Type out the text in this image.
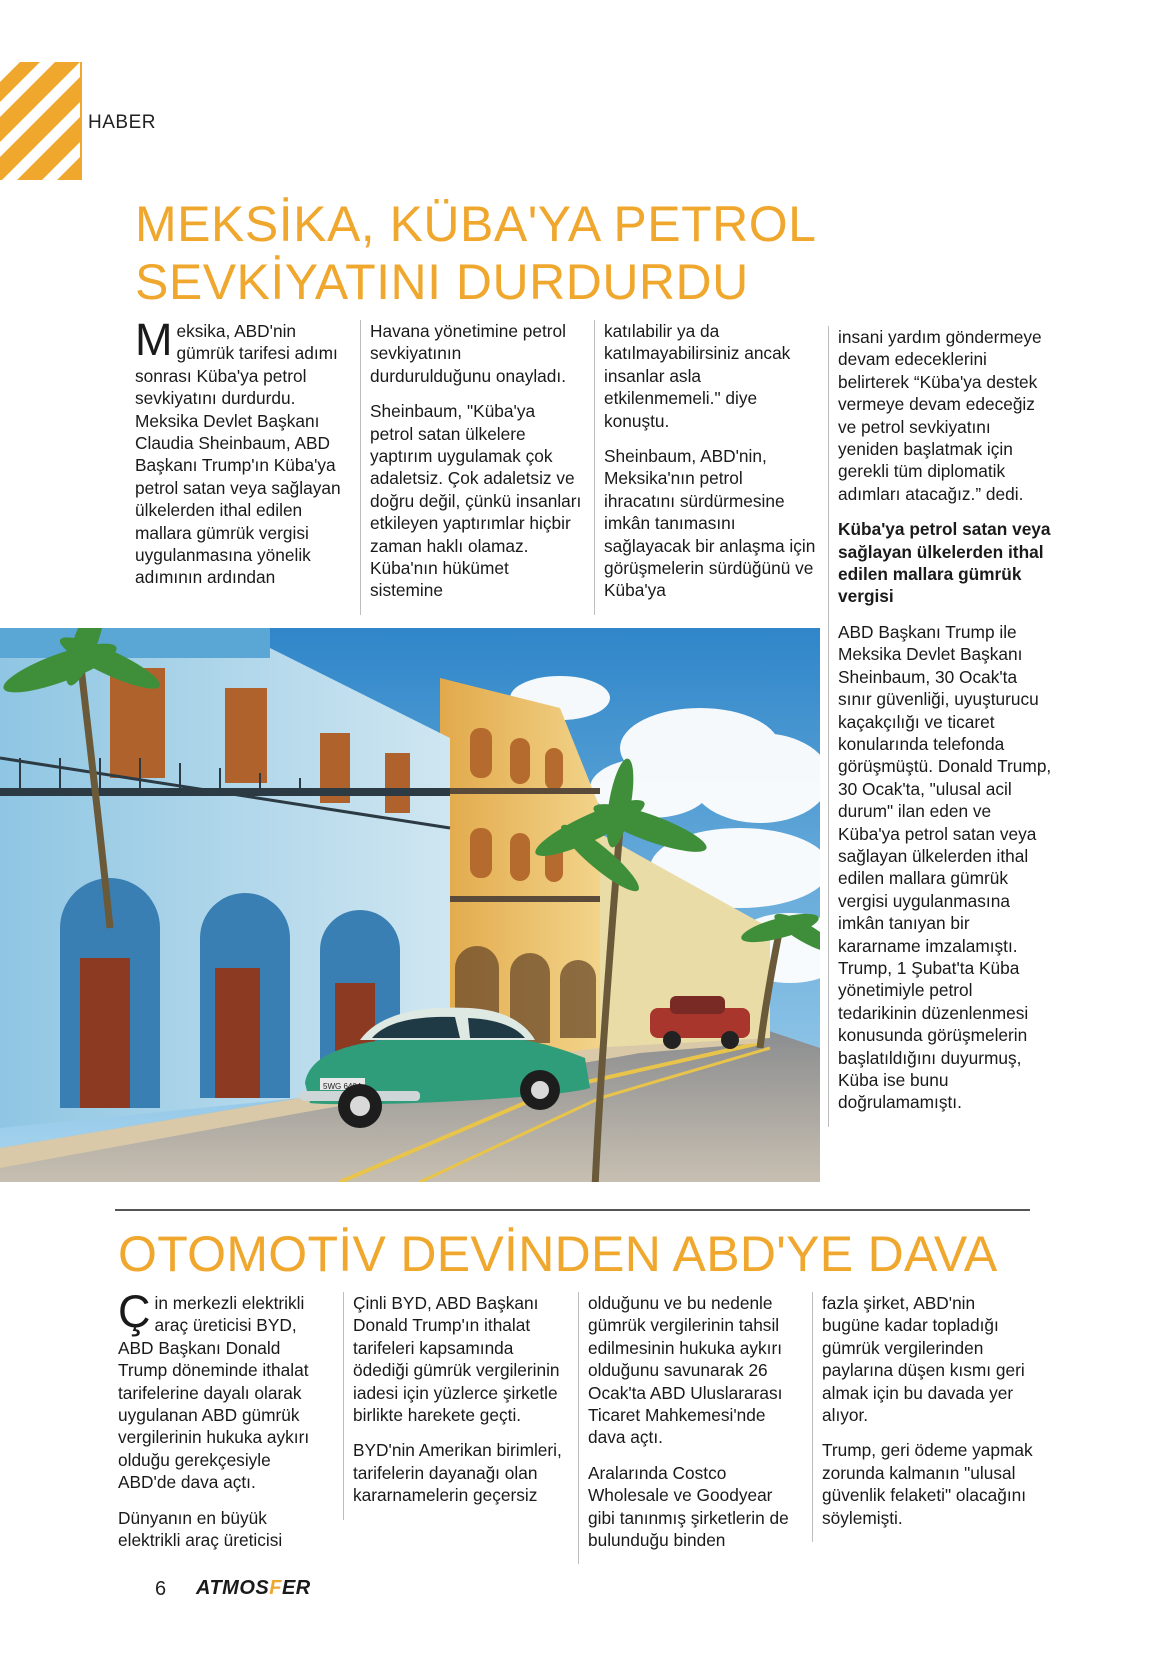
HABER
MEKSİKA, KÜBA'YA PETROL
SEVKİYATINI DURDURDU

Meksika, ABD'nin gümrük tarifesi adımı sonrası Küba'ya petrol sevkiyatını durdurdu. Meksika Devlet Başkanı Claudia Sheinbaum, ABD Başkanı Trump'ın Küba'ya petrol satan veya sağlayan ülkelerden ithal edilen mallara gümrük vergisi uygulanmasına yönelik adımının ardından

Havana yönetimine petrol sevkiyatının durdurulduğunu onayladı.

Sheinbaum, "Küba'ya petrol satan ülkelere yaptırım uygulamak çok adaletsiz. Çok adaletsiz ve doğru değil, çünkü insanları etkileyen yaptırımlar hiçbir zaman haklı olamaz. Küba'nın hükümet sistemine

katılabilir ya da katılmayabilirsiniz ancak insanlar asla etkilenmemeli." diye konuştu.

Sheinbaum, ABD'nin, Meksika'nın petrol ihracatını sürdürmesine imkân tanımasını sağlayacak bir anlaşma için görüşmelerin sürdüğünü ve Küba'ya

insani yardım göndermeye devam edeceklerini belirterek “Küba'ya destek vermeye devam edeceğiz ve petrol sevkiyatını yeniden başlatmak için gerekli tüm diplomatik adımları atacağız.” dedi.

Küba'ya petrol satan veya sağlayan ülkelerden ithal edilen mallara gümrük vergisi

ABD Başkanı Trump ile Meksika Devlet Başkanı Sheinbaum, 30 Ocak'ta sınır güvenliği, uyuşturucu kaçakçılığı ve ticaret konularında telefonda görüşmüştü. Donald Trump, 30 Ocak'ta, "ulusal acil durum" ilan eden ve Küba'ya petrol satan veya sağlayan ülkelerden ithal edilen mallara gümrük vergisi uygulanmasına imkân tanıyan bir kararname imzalamıştı. Trump, 1 Şubat'ta Küba yönetimiyle petrol tedarikinin düzenlenmesi konusunda görüşmelerin başlatıldığını duyurmuş, Küba ise bunu doğrulamamıştı.

5WG 6404
OTOMOTİV DEVİNDEN ABD'YE DAVA

Çin merkezli elektrikli araç üreticisi BYD, ABD Başkanı Donald Trump döneminde ithalat tarifelerine dayalı olarak uygulanan ABD gümrük vergilerinin hukuka aykırı olduğu gerekçesiyle ABD'de dava açtı.

Dünyanın en büyük elektrikli araç üreticisi

Çinli BYD, ABD Başkanı Donald Trump'ın ithalat tarifeleri kapsamında ödediği gümrük vergilerinin iadesi için yüzlerce şirketle birlikte harekete geçti.

BYD'nin Amerikan birimleri, tarifelerin dayanağı olan kararnamelerin geçersiz

olduğunu ve bu nedenle gümrük vergilerinin tahsil edilmesinin hukuka aykırı olduğunu savunarak 26 Ocak'ta ABD Uluslararası Ticaret Mahkemesi'nde dava açtı.

Aralarında Costco Wholesale ve Goodyear gibi tanınmış şirketlerin de bulunduğu binden

fazla şirket, ABD'nin bugüne kadar topladığı gümrük vergilerinden paylarına düşen kısmı geri almak için bu davada yer alıyor.

Trump, geri ödeme yapmak zorunda kalmanın "ulusal güvenlik felaketi" olacağını söylemişti.

6 ATMOSFER
